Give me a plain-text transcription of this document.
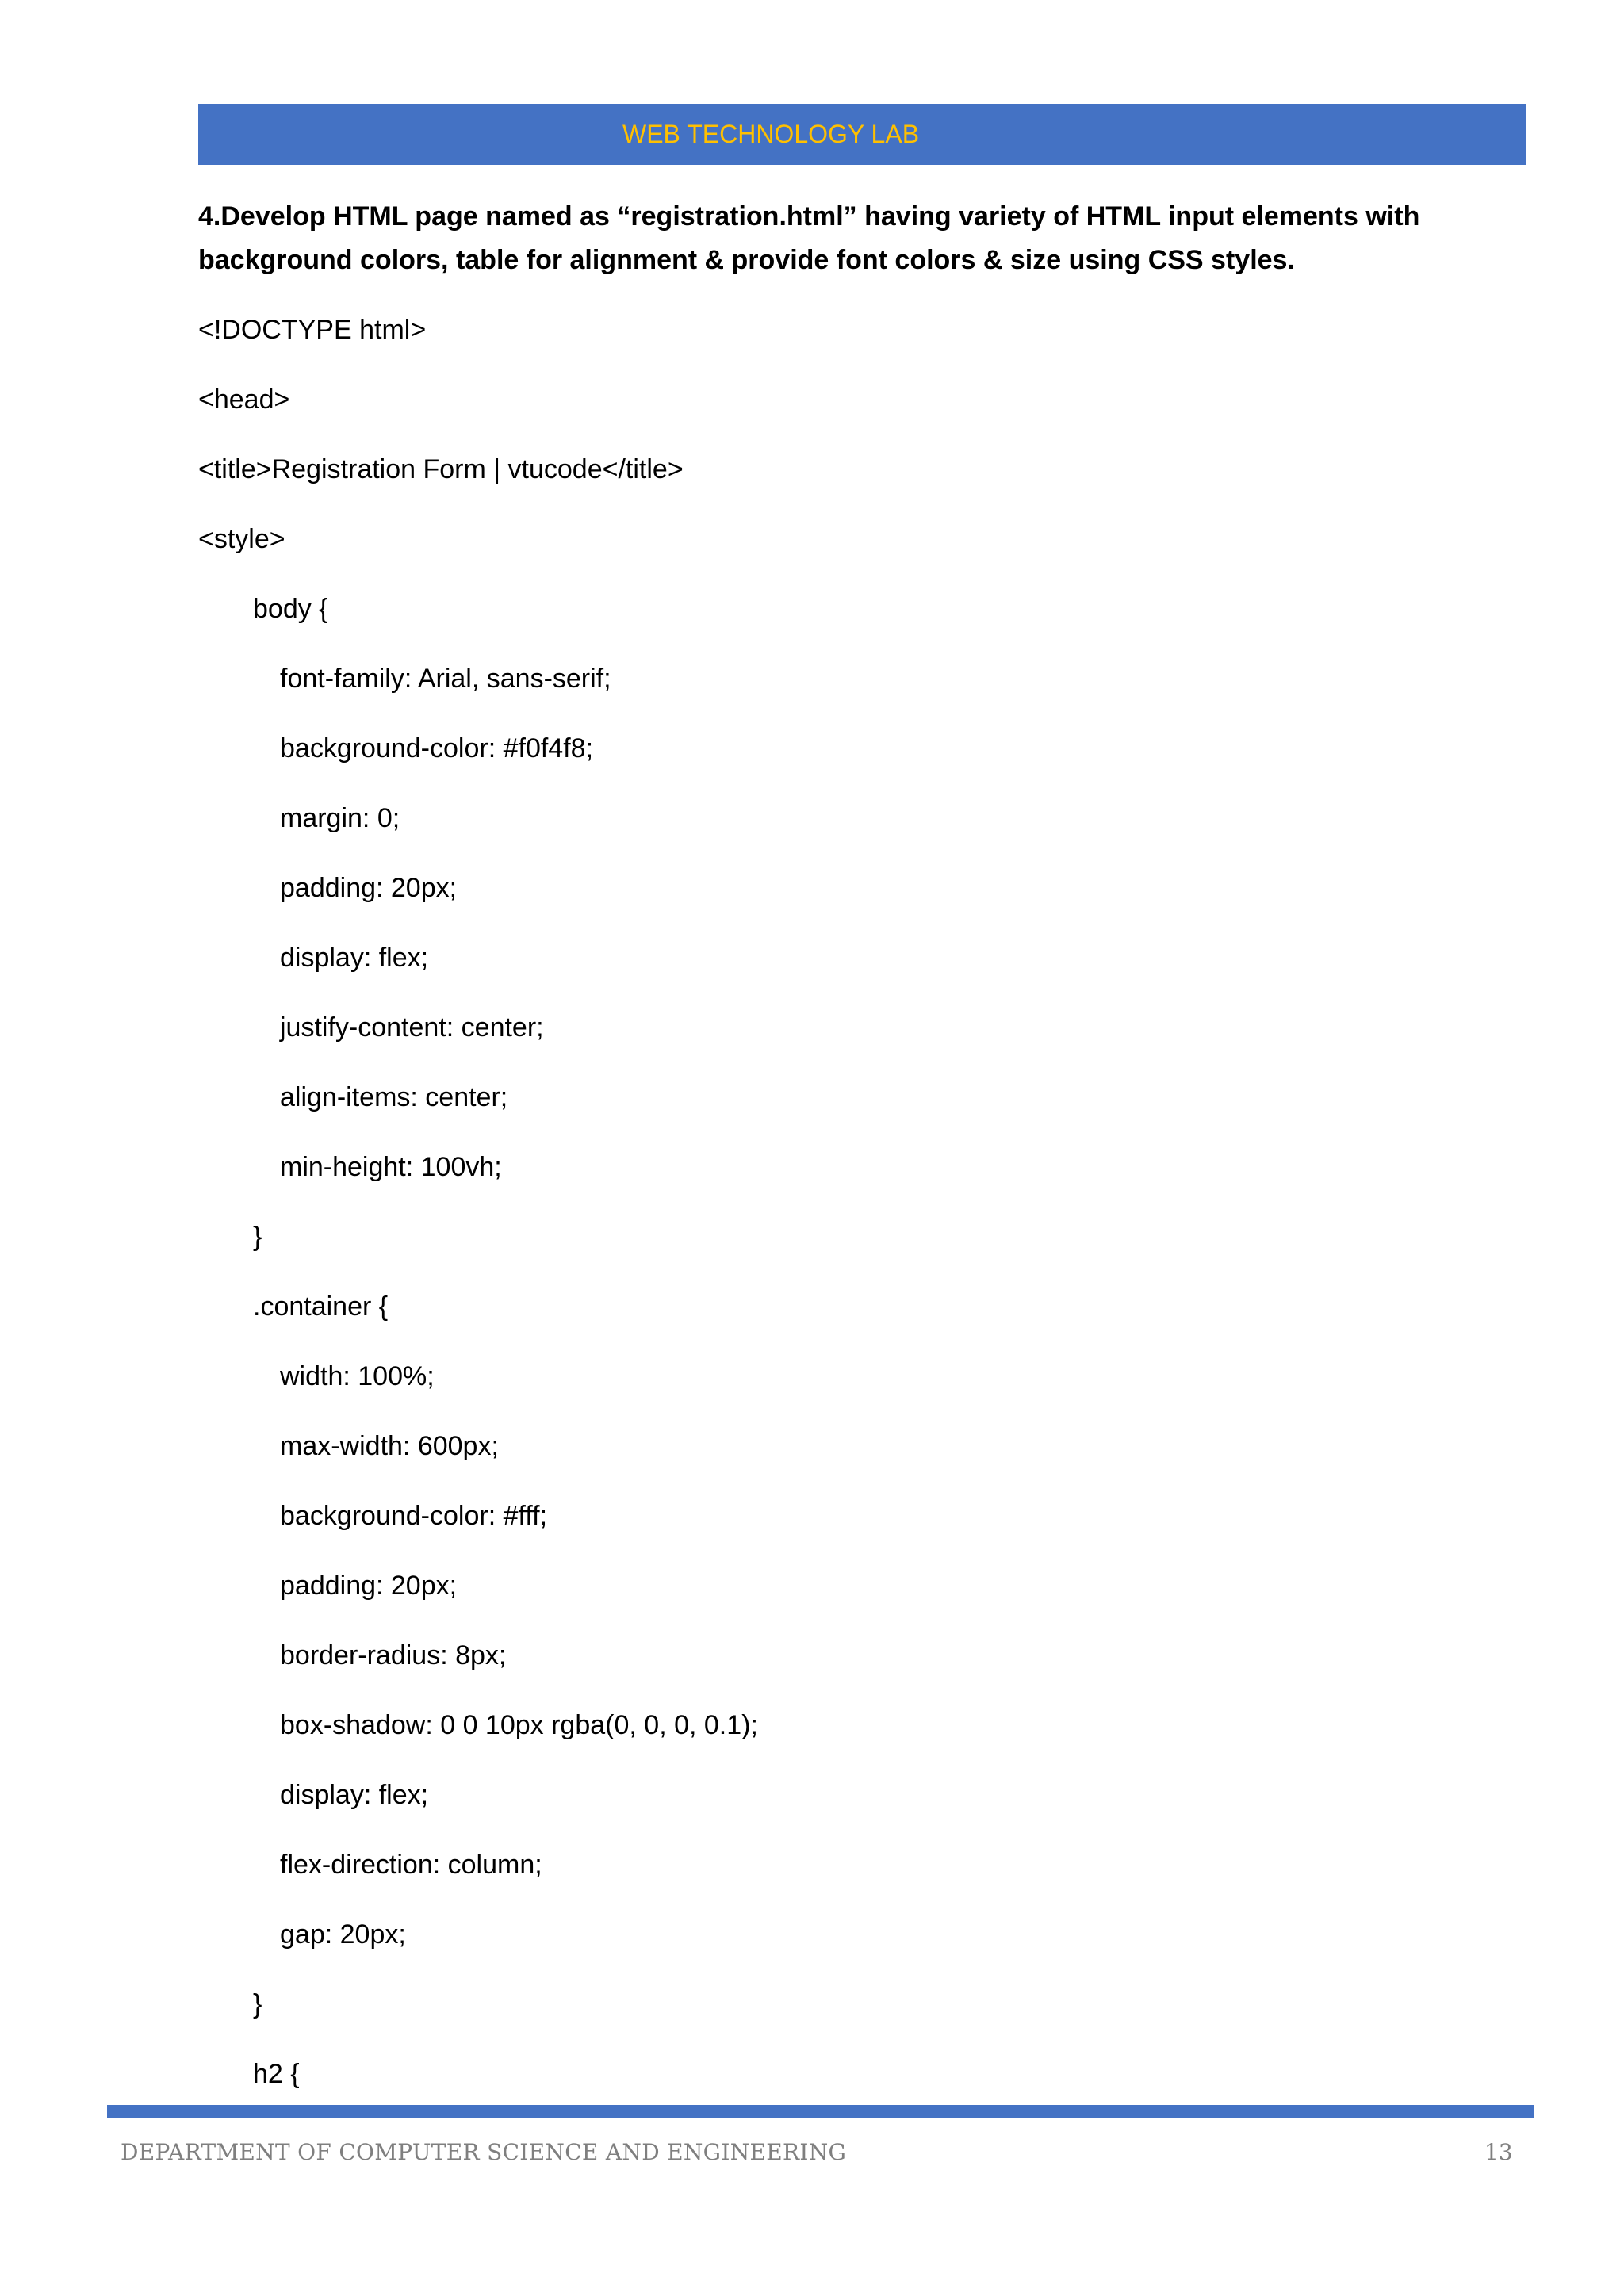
WEB TECHNOLOGY LAB
4.Develop HTML page named as “registration.html” having variety of HTML input elements with background colors, table for alignment & provide font colors & size using CSS styles.
<!DOCTYPE html>
<head>
<title>Registration Form | vtucode</title>
<style>
body {
font-family: Arial, sans-serif;
background-color: #f0f4f8;
margin: 0;
padding: 20px;
display: flex;
justify-content: center;
align-items: center;
min-height: 100vh;
}
.container {
width: 100%;
max-width: 600px;
background-color: #fff;
padding: 20px;
border-radius: 8px;
box-shadow: 0 0 10px rgba(0, 0, 0, 0.1);
display: flex;
flex-direction: column;
gap: 20px;
}
h2 {
DEPARTMENT OF COMPUTER SCIENCE AND ENGINEERING	13
